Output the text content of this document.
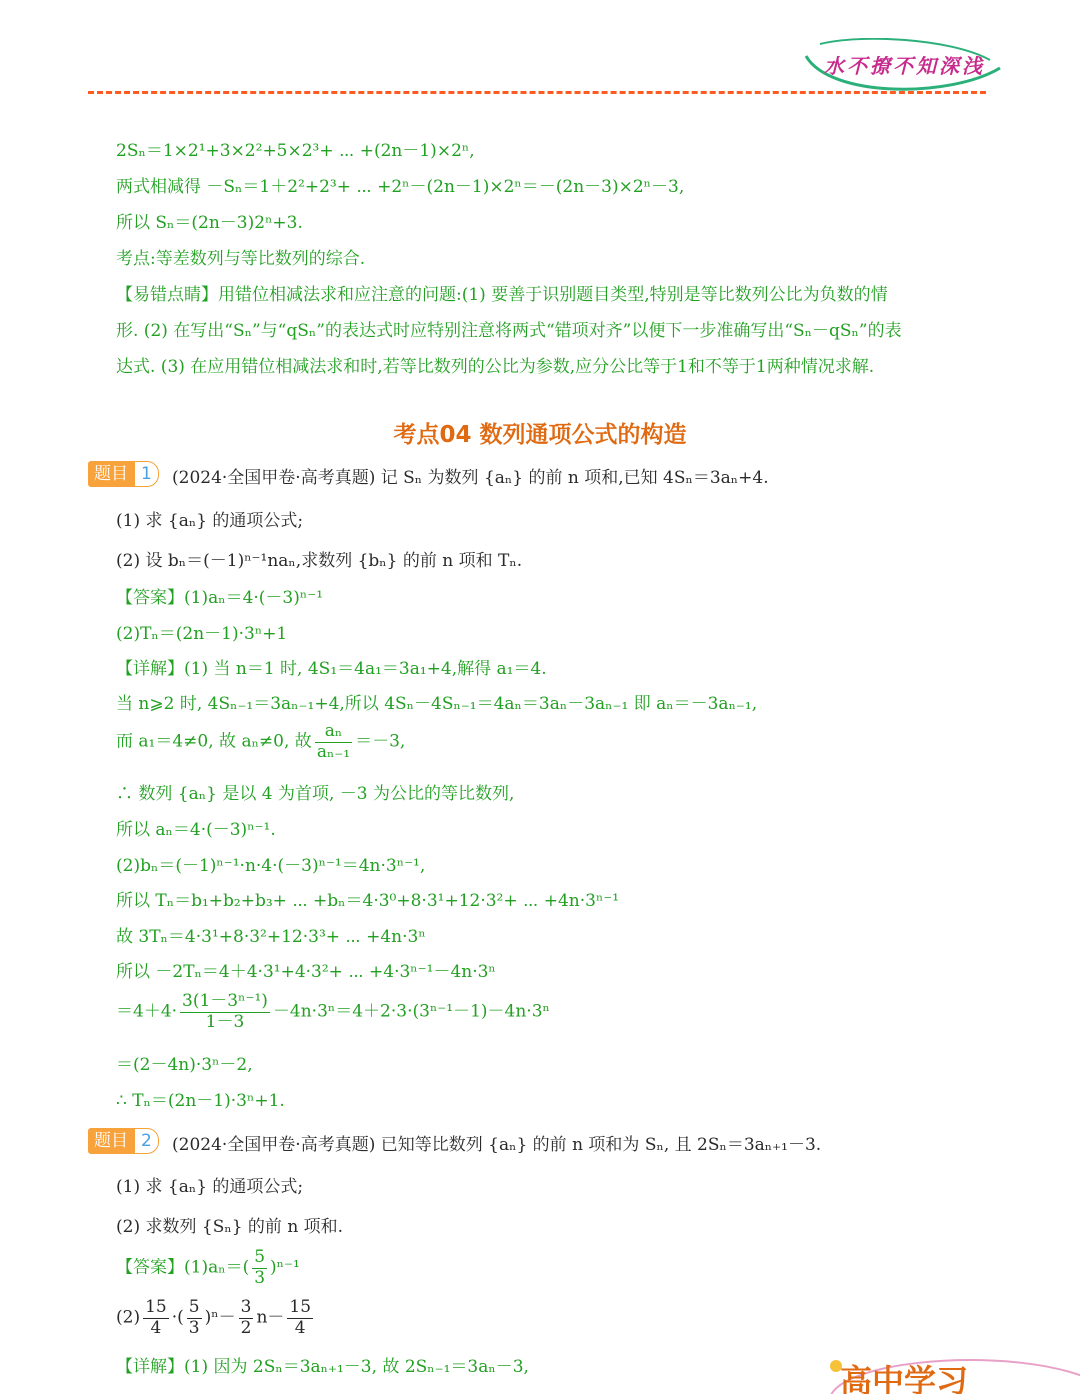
水不撩不知深浅
2Sₙ＝1×2¹+3×2²+5×2³+ ⋯ +(2n－1)×2ⁿ,
两式相减得 －Sₙ＝1＋2²+2³+ ⋯ +2ⁿ－(2n－1)×2ⁿ＝－(2n－3)×2ⁿ－3,
所以 Sₙ＝(2n－3)2ⁿ+3.
考点:等差数列与等比数列的综合.
【易错点睛】用错位相减法求和应注意的问题:(1) 要善于识别题目类型,特别是等比数列公比为负数的情
形. (2) 在写出“Sₙ”与“qSₙ”的表达式时应特别注意将两式“错项对齐”以便下一步准确写出“Sₙ－qSₙ”的表
达式. (3) 在应用错位相减法求和时,若等比数列的公比为参数,应分公比等于1和不等于1两种情况求解.
考点04 数列通项公式的构造
题目 1	(2024·全国甲卷·高考真题) 记 Sₙ 为数列 {aₙ} 的前 n 项和,已知 4Sₙ＝3aₙ+4.
(1) 求 {aₙ} 的通项公式;
(2) 设 bₙ＝(－1)ⁿ⁻¹naₙ,求数列 {bₙ} 的前 n 项和 Tₙ.
【答案】(1)aₙ＝4·(－3)ⁿ⁻¹
(2)Tₙ＝(2n－1)·3ⁿ+1
【详解】(1) 当 n＝1 时, 4S₁＝4a₁＝3a₁+4,解得 a₁＝4.
当 n⩾2 时, 4Sₙ₋₁＝3aₙ₋₁+4,所以 4Sₙ－4Sₙ₋₁＝4aₙ＝3aₙ－3aₙ₋₁ 即 aₙ＝－3aₙ₋₁,
而 a₁＝4≠0, 故 aₙ≠0, 故 $\frac{\text{aₙ}}{\text{aₙ₋₁}} =-3$,
∴ 数列 {aₙ} 是以 4 为首项, －3 为公比的等比数列,
所以 aₙ＝4·(－3)ⁿ⁻¹.
(2)bₙ＝(－1)ⁿ⁻¹·n·4·(－3)ⁿ⁻¹＝4n·3ⁿ⁻¹,
所以 Tₙ＝b₁+b₂+b₃+ ⋯ +bₙ＝4·3⁰+8·3¹+12·3²+ ⋯ +4n·3ⁿ⁻¹
故 3Tₙ＝4·3¹+8·3²+12·3³+ ⋯ +4n·3ⁿ
所以 －2Tₙ＝4＋4·3¹+4·3²+ ⋯ +4·3ⁿ⁻¹－4n·3ⁿ
$=4+4\cdot \frac{\text{3(1－3ⁿ⁻¹)}}{1-3} -4n\cdot 3^n=4+2\cdot 3\cdot(3^{n-1}-1)-4n\cdot 3^n$
＝(2－4n)·3ⁿ－2,
∴ Tₙ＝(2n－1)·3ⁿ+1.
题目 2	(2024·全国甲卷·高考真题) 已知等比数列 {aₙ} 的前 n 项和为 Sₙ, 且 2Sₙ＝3aₙ₊₁－3.
(1) 求 {aₙ} 的通项公式;
(2) 求数列 {Sₙ} 的前 n 项和.
【答案】$(1)a_n=( \frac{5}{3} )^{n-1}$
$(2) \frac{15}{4}$ ·( $\frac{5}{3} )^n- \frac{3}{2} n- \frac{15}{4}$
【详解】(1) 因为 2Sₙ＝3aₙ₊₁－3, 故 2Sₙ₋₁＝3aₙ－3,	高中学习
